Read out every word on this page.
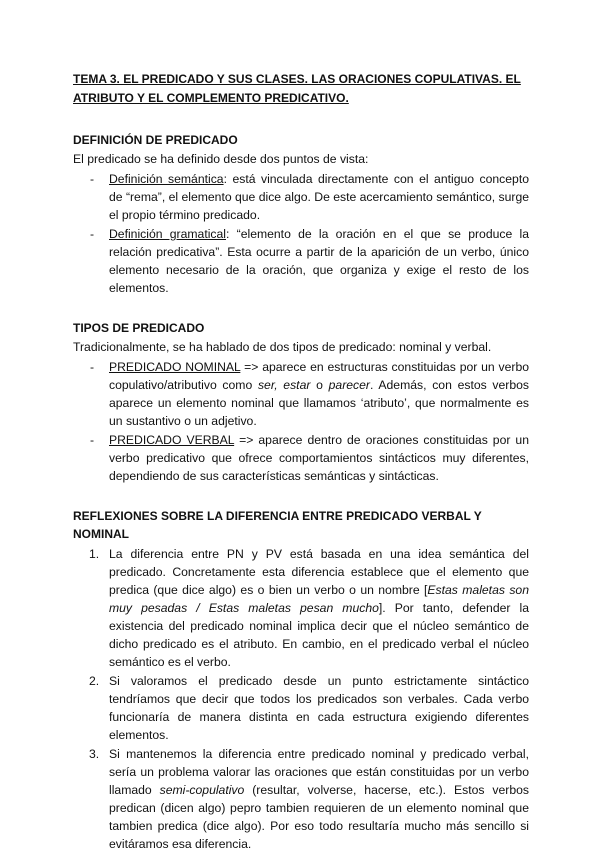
TEMA 3. EL PREDICADO Y SUS CLASES. LAS ORACIONES COPULATIVAS. EL ATRIBUTO Y EL COMPLEMENTO PREDICATIVO.

DEFINICIÓN DE PREDICADO

El predicado se ha definido desde dos puntos de vista:

- Definición semántica: está vinculada directamente con el antiguo concepto de “rema”, el elemento que dice algo. De este acercamiento semántico, surge el propio término predicado.
- Definición gramatical: “elemento de la oración en el que se produce la relación predicativa”. Esta ocurre a partir de la aparición de un verbo, único elemento necesario de la oración, que organiza y exige el resto de los elementos.

TIPOS DE PREDICADO

Tradicionalmente, se ha hablado de dos tipos de predicado: nominal y verbal.

- PREDICADO NOMINAL => aparece en estructuras constituidas por un verbo copulativo/atributivo como ser, estar o parecer. Además, con estos verbos aparece un elemento nominal que llamamos ‘atributo’, que normalmente es un sustantivo o un adjetivo.
- PREDICADO VERBAL => aparece dentro de oraciones constituidas por un verbo predicativo que ofrece comportamientos sintácticos muy diferentes, dependiendo de sus características semánticas y sintácticas.

REFLEXIONES SOBRE LA DIFERENCIA ENTRE PREDICADO VERBAL Y NOMINAL

1. La diferencia entre PN y PV está basada en una idea semántica del predicado. Concretamente esta diferencia establece que el elemento que predica (que dice algo) es o bien un verbo o un nombre [Estas maletas son muy pesadas / Estas maletas pesan mucho]. Por tanto, defender la existencia del predicado nominal implica decir que el núcleo semántico de dicho predicado es el atributo. En cambio, en el predicado verbal el núcleo semántico es el verbo.
2. Si valoramos el predicado desde un punto estrictamente sintáctico tendríamos que decir que todos los predicados son verbales. Cada verbo funcionaría de manera distinta en cada estructura exigiendo diferentes elementos.
3. Si mantenemos la diferencia entre predicado nominal y predicado verbal, sería un problema valorar las oraciones que están constituidas por un verbo llamado semi-copulativo (resultar, volverse, hacerse, etc.). Estos verbos predican (dicen algo) pepro tambien requieren de un elemento nominal que tambien predica (dice algo). Por eso todo resultaría mucho más sencillo si evitáramos esa diferencia.
